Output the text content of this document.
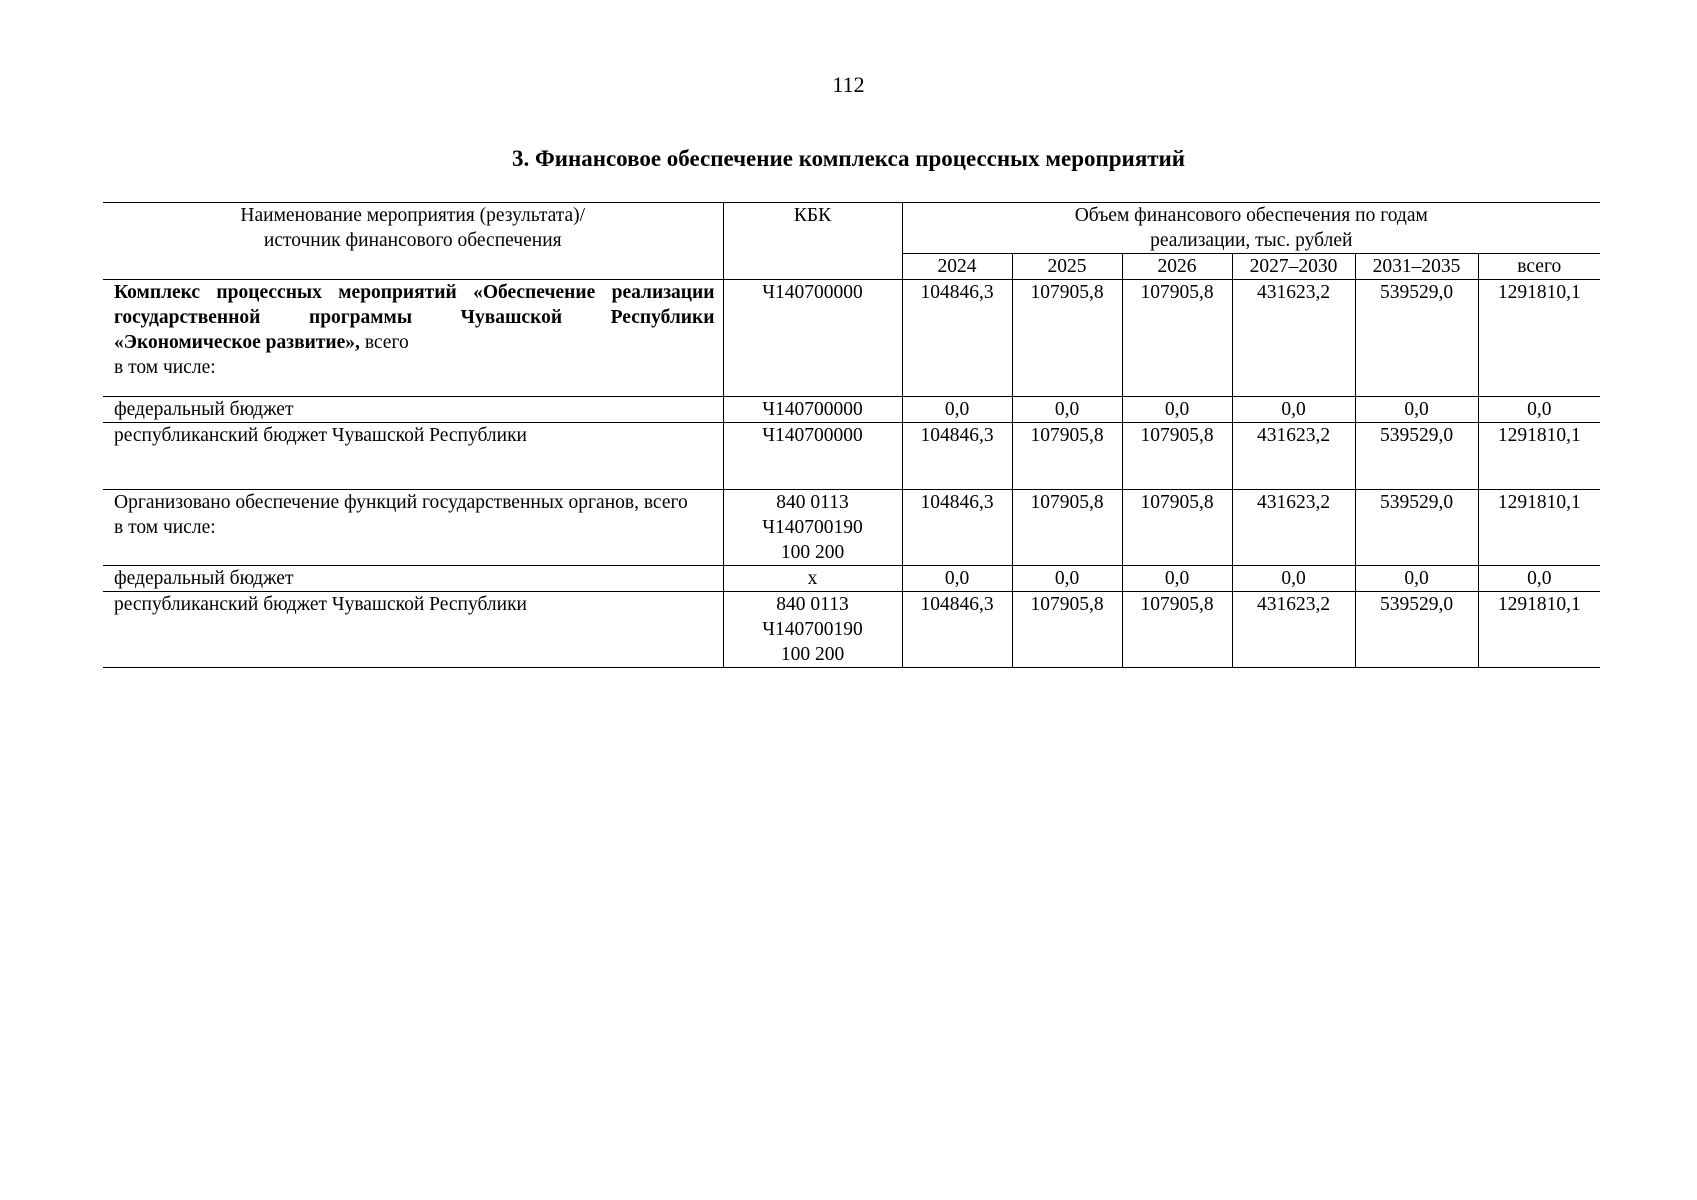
112
3. Финансовое обеспечение комплекса процессных мероприятий
Наименование мероприятия (результата)/
источник финансового обеспечения	КБК	Объем финансового обеспечения по годам
реализации, тыс. рублей					
		2024	2025	2026	2027–2030	2031–2035	всего
Комплекс процессных мероприятий «Обеспечение реализации государственной программы Чувашской Республики «Экономическое развитие», всего
в том числе:	Ч140700000	104846,3	107905,8	107905,8	431623,2	539529,0	1291810,1
федеральный бюджет	Ч140700000	0,0	0,0	0,0	0,0	0,0	0,0
республиканский бюджет Чувашской Республики	Ч140700000	104846,3	107905,8	107905,8	431623,2	539529,0	1291810,1
Организовано обеспечение функций государственных органов, всего
в том числе:	840 0113
Ч140700190
100 200	104846,3	107905,8	107905,8	431623,2	539529,0	1291810,1
федеральный бюджет	х	0,0	0,0	0,0	0,0	0,0	0,0
республиканский бюджет Чувашской Республики	840 0113
Ч140700190
100 200	104846,3	107905,8	107905,8	431623,2	539529,0	1291810,1
